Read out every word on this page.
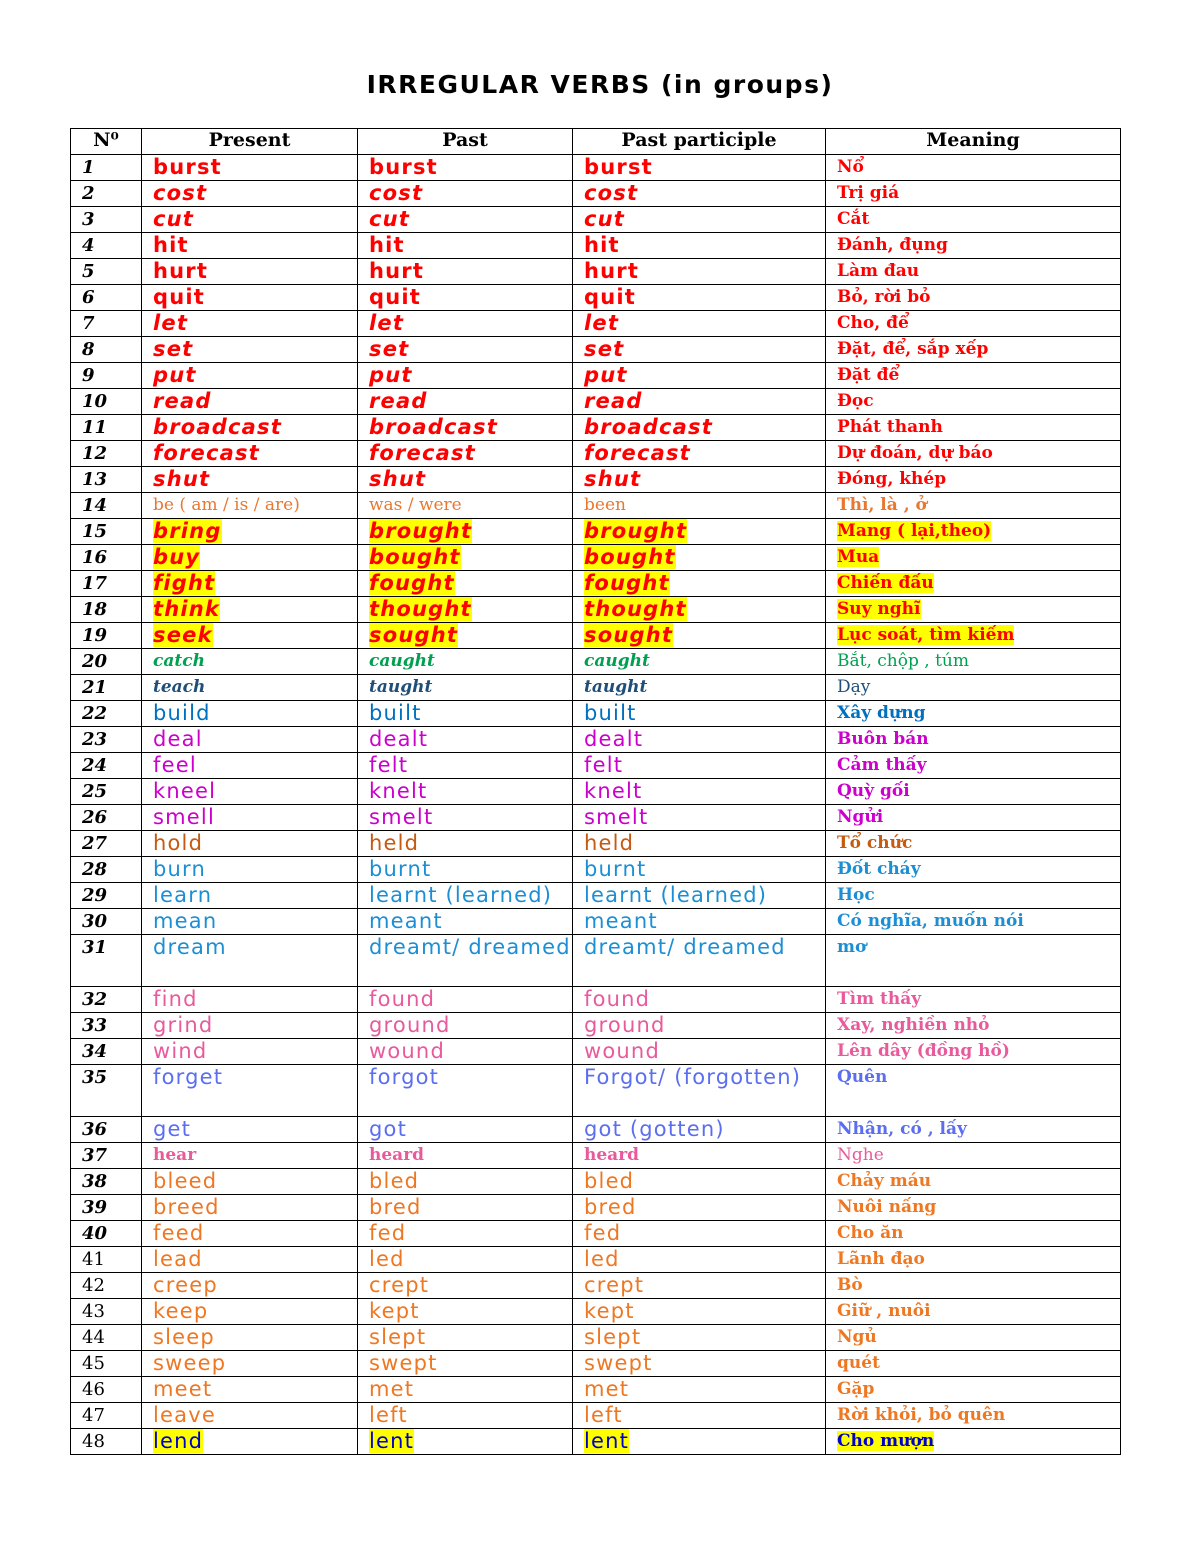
IRREGULAR VERBS (in groups)
N⁰	Present	Past	Past participle	Meaning
1	burst	burst	burst	Nổ
2	cost	cost	cost	Trị giá
3	cut	cut	cut	Cắt
4	hit	hit	hit	Đánh, đụng
5	hurt	hurt	hurt	Làm đau
6	quit	quit	quit	Bỏ, rời bỏ
7	let	let	let	Cho, để
8	set	set	set	Đặt, để, sắp xếp
9	put	put	put	Đặt để
10	read	read	read	Đọc
11	broadcast	broadcast	broadcast	Phát thanh
12	forecast	forecast	forecast	Dự đoán, dự báo
13	shut	shut	shut	Đóng, khép
14	be ( am / is / are)	was / were	been	Thì, là , ở
15	bring	brought	brought	Mang ( lại,theo)
16	buy	bought	bought	Mua
17	fight	fought	fought	Chiến đấu
18	think	thought	thought	Suy nghĩ
19	seek	sought	sought	Lục soát, tìm kiếm
20	catch	caught	caught	Bắt, chộp , túm
21	teach	taught	taught	Dạy
22	build	built	built	Xây dựng
23	deal	dealt	dealt	Buôn bán
24	feel	felt	felt	Cảm thấy
25	kneel	knelt	knelt	Quỳ gối
26	smell	smelt	smelt	Ngửi
27	hold	held	held	Tổ chức
28	burn	burnt	burnt	Đốt cháy
29	learn	learnt (learned)	learnt (learned)	Học
30	mean	meant	meant	Có nghĩa, muốn nói
31	dream	dreamt/ dreamed	dreamt/ dreamed	mơ
32	find	found	found	Tìm thấy
33	grind	ground	ground	Xay, nghiền nhỏ
34	wind	wound	wound	Lên dây (đồng hồ)
35	forget	forgot	Forgot/ (forgotten)	Quên
36	get	got	got (gotten)	Nhận, có , lấy
37	hear	heard	heard	Nghe
38	bleed	bled	bled	Chảy máu
39	breed	bred	bred	Nuôi nấng
40	feed	fed	fed	Cho ăn
41	lead	led	led	Lãnh đạo
42	creep	crept	crept	Bò
43	keep	kept	kept	Giữ , nuôi
44	sleep	slept	slept	Ngủ
45	sweep	swept	swept	quét
46	meet	met	met	Gặp
47	leave	left	left	Rời khỏi, bỏ quên
48	lend	lent	lent	Cho mượn
